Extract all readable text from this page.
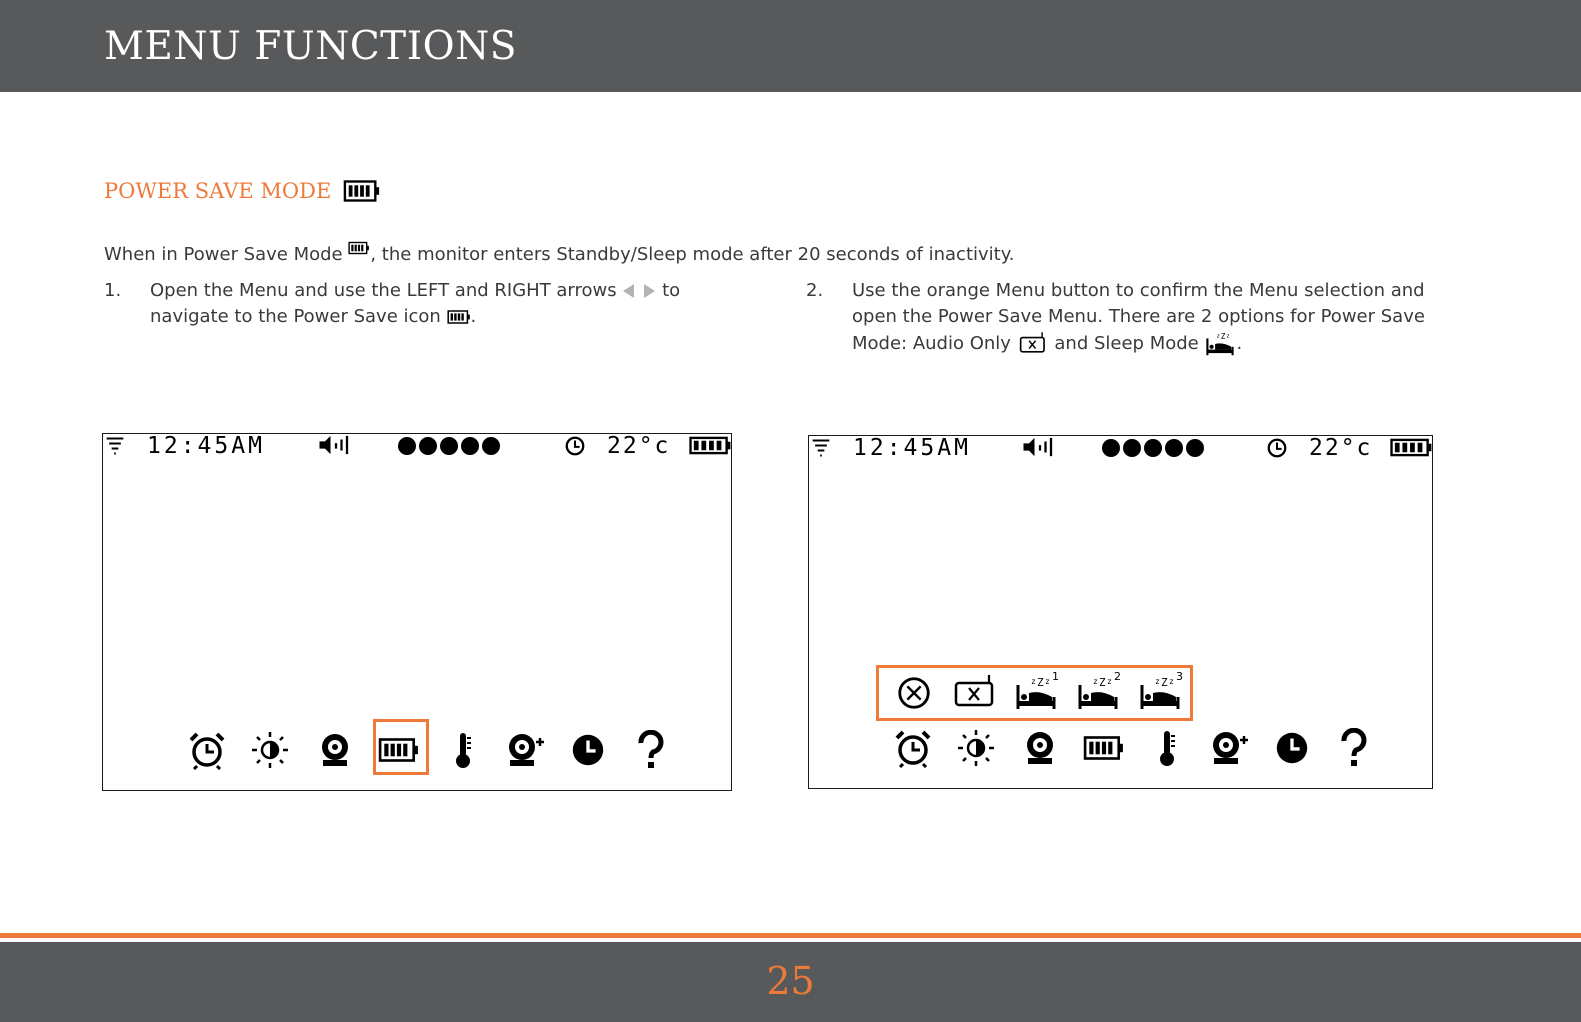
MENU FUNCTIONS
POWER SAVE MODE
When in Power Save Mode , the monitor enters Standby/Sleep mode after 20 seconds of inactivity.
1. Open the Menu and use the LEFT and RIGHT arrows  to navigate to the Power Save icon .
2. Use the orange Menu button to confirm the Menu selection and open the Power Save Menu. There are 2 options for Power Save Mode: Audio Only  and Sleep Mode .
12:45AM	22°c	12:45AM	22°c
1	2	3
25
